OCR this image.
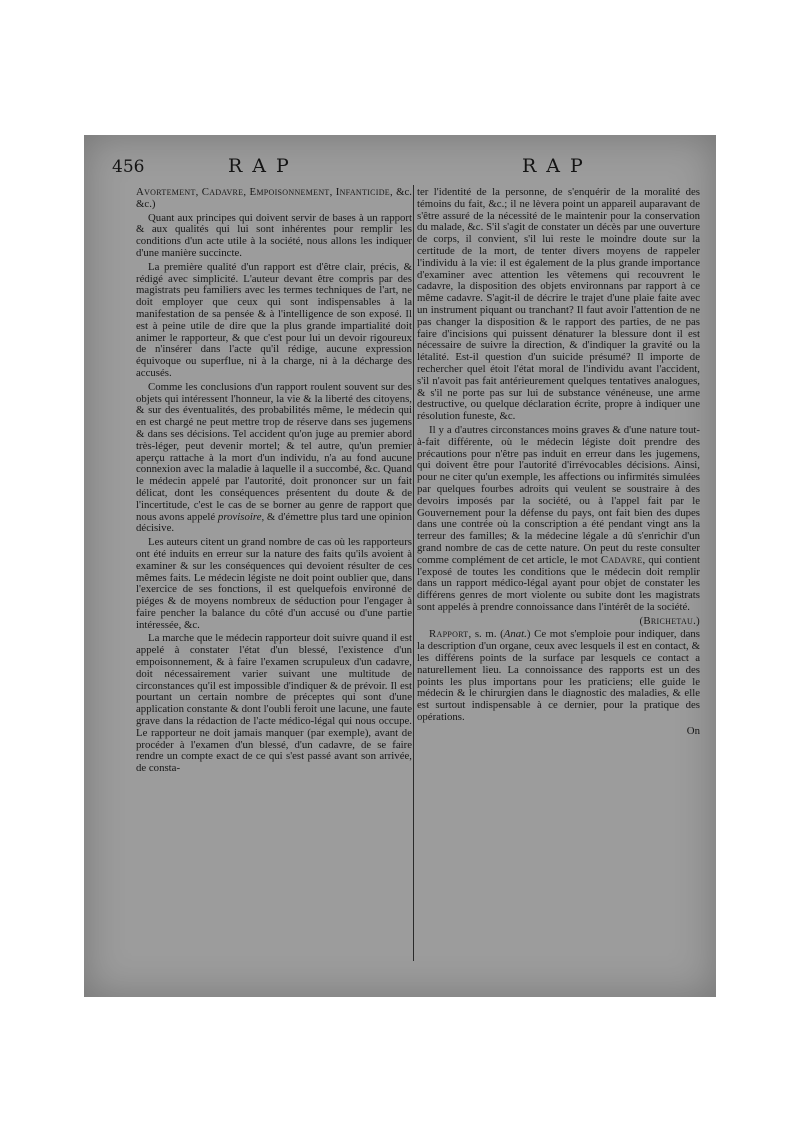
456	RAP	RAP

Avortement, Cadavre, Empoisonnement, Infanticide, &c. &c.)

Quant aux principes qui doivent servir de bases à un rapport & aux qualités qui lui sont inhérentes pour remplir les conditions d'un acte utile à la société, nous allons les indiquer d'une manière succincte.

La première qualité d'un rapport est d'être clair, précis, & rédigé avec simplicité. L'auteur devant être compris par des magistrats peu familiers avec les termes techniques de l'art, ne doit employer que ceux qui sont indispensables à la manifestation de sa pensée & à l'intelligence de son exposé. Il est à peine utile de dire que la plus grande impartialité doit animer le rapporteur, & que c'est pour lui un devoir rigoureux de n'insérer dans l'acte qu'il rédige, aucune expression équivoque ou superflue, ni à la charge, ni à la décharge des accusés.

Comme les conclusions d'un rapport roulent souvent sur des objets qui intéressent l'honneur, la vie & la liberté des citoyens, & sur des éventualités, des probabilités même, le médecin qui en est chargé ne peut mettre trop de réserve dans ses jugemens & dans ses décisions. Tel accident qu'on juge au premier abord très-léger, peut devenir mortel; & tel autre, qu'un premier aperçu rattache à la mort d'un individu, n'a au fond aucune connexion avec la maladie à laquelle il a succombé, &c. Quand le médecin appelé par l'autorité, doit prononcer sur un fait délicat, dont les conséquences présentent du doute & de l'incertitude, c'est le cas de se borner au genre de rapport que nous avons appelé provisoire, & d'émettre plus tard une opinion décisive.

Les auteurs citent un grand nombre de cas où les rapporteurs ont été induits en erreur sur la nature des faits qu'ils avoient à examiner & sur les conséquences qui devoient résulter de ces mêmes faits. Le médecin légiste ne doit point oublier que, dans l'exercice de ses fonctions, il est quelquefois environné de piéges & de moyens nombreux de séduction pour l'engager à faire pencher la balance du côté d'un accusé ou d'une partie intéressée, &c.

La marche que le médecin rapporteur doit suivre quand il est appelé à constater l'état d'un blessé, l'existence d'un empoisonnement, & à faire l'examen scrupuleux d'un cadavre, doit nécessairement varier suivant une multitude de circonstances qu'il est impossible d'indiquer & de prévoir. Il est pourtant un certain nombre de préceptes qui sont d'une application constante & dont l'oubli feroit une lacune, une faute grave dans la rédaction de l'acte médico-légal qui nous occupe. Le rapporteur ne doit jamais manquer (par exemple), avant de procéder à l'examen d'un blessé, d'un cadavre, de se faire rendre un compte exact de ce qui s'est passé avant son arrivée, de consta-

ter l'identité de la personne, de s'enquérir de la moralité des témoins du fait, &c.; il ne lèvera point un appareil auparavant de s'être assuré de la nécessité de le maintenir pour la conservation du malade, &c. S'il s'agit de constater un décès par une ouverture de corps, il convient, s'il lui reste le moindre doute sur la certitude de la mort, de tenter divers moyens de rappeler l'individu à la vie: il est également de la plus grande importance d'examiner avec attention les vêtemens qui recouvrent le cadavre, la disposition des objets environnans par rapport à ce même cadavre. S'agit-il de décrire le trajet d'une plaie faite avec un instrument piquant ou tranchant? Il faut avoir l'attention de ne pas changer la disposition & le rapport des parties, de ne pas faire d'incisions qui puissent dénaturer la blessure dont il est nécessaire de suivre la direction, & d'indiquer la gravité ou la létalité. Est-il question d'un suicide présumé? Il importe de rechercher quel étoit l'état moral de l'individu avant l'accident, s'il n'avoit pas fait antérieurement quelques tentatives analogues, & s'il ne porte pas sur lui de substance vénéneuse, une arme destructive, ou quelque déclaration écrite, propre à indiquer une résolution funeste, &c.

Il y a d'autres circonstances moins graves & d'une nature tout-à-fait différente, où le médecin légiste doit prendre des précautions pour n'être pas induit en erreur dans les jugemens, qui doivent être pour l'autorité d'irrévocables décisions. Ainsi, pour ne citer qu'un exemple, les affections ou infirmités simulées par quelques fourbes adroits qui veulent se soustraire à des devoirs imposés par la société, ou à l'appel fait par le Gouvernement pour la défense du pays, ont fait bien des dupes dans une contrée où la conscription a été pendant vingt ans la terreur des familles; & la médecine légale a dû s'enrichir d'un grand nombre de cas de cette nature. On peut du reste consulter comme complément de cet article, le mot Cadavre, qui contient l'exposé de toutes les conditions que le médecin doit remplir dans un rapport médico-légal ayant pour objet de constater les différens genres de mort violente ou subite dont les magistrats sont appelés à prendre connoissance dans l'intérêt de la société.

(Brichetau.)

Rapport, s. m. (Anat.) Ce mot s'emploie pour indiquer, dans la description d'un organe, ceux avec lesquels il est en contact, & les différens points de la surface par lesquels ce contact a naturellement lieu. La connoissance des rapports est un des points les plus importans pour les praticiens; elle guide le médecin & le chirurgien dans le diagnostic des maladies, & elle est surtout indispensable à ce dernier, pour la pratique des opérations.

On
